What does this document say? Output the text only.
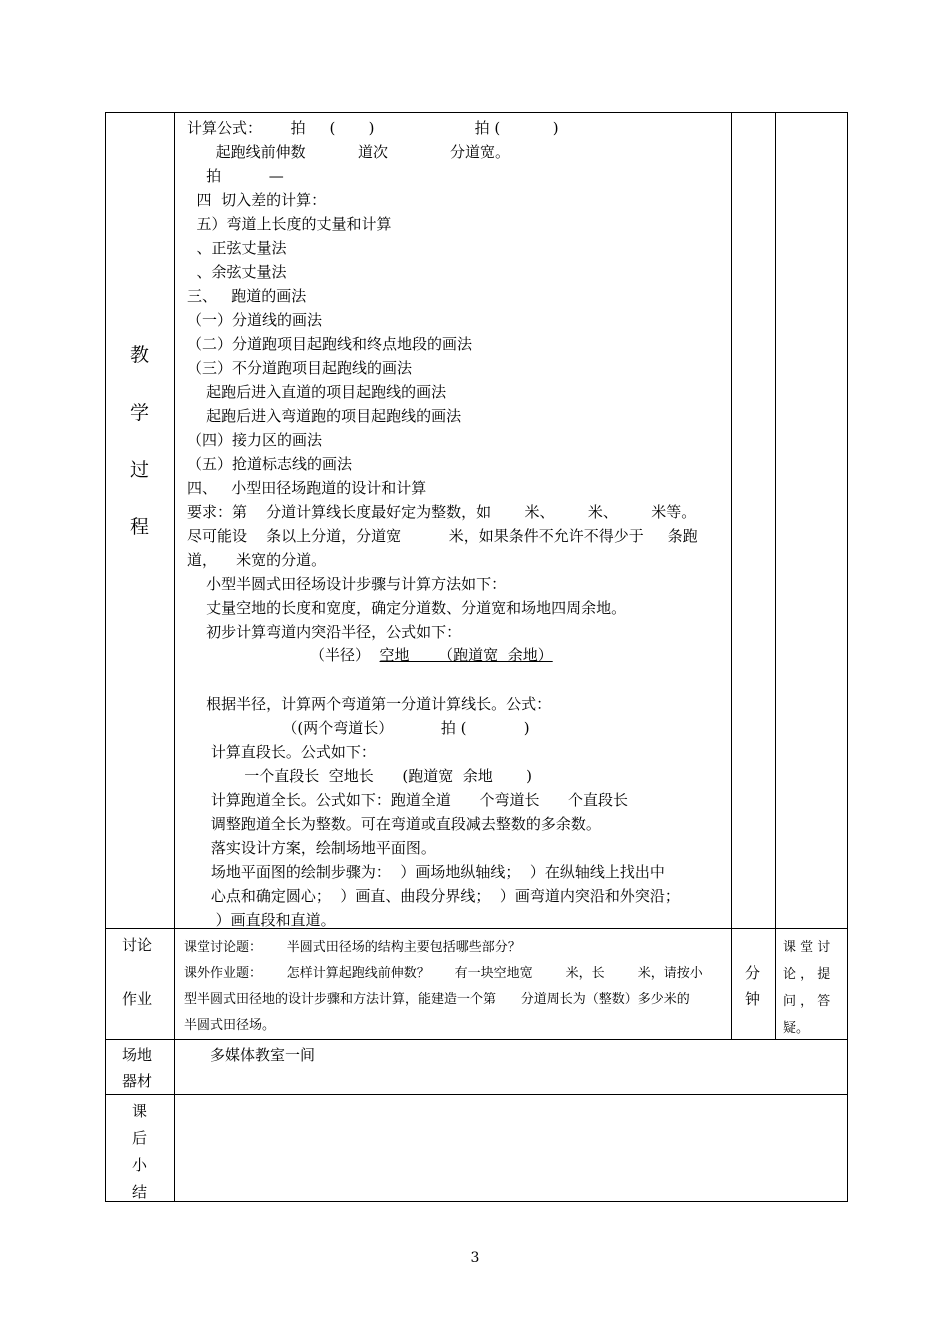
教
学
过
程
计算公式：      拍     (       )                     拍 (           )
起跑线前伸数           道次             分道宽。
拍          —
四  切入差的计算：
五）弯道上长度的丈量和计算
、正弦丈量法
、余弦丈量法
三、   跑道的画法
（一）分道线的画法
（二）分道跑项目起跑线和终点地段的画法
（三）不分道跑项目起跑线的画法
起跑后进入直道的项目起跑线的画法
起跑后进入弯道跑的项目起跑线的画法
（四）接力区的画法
（五）抢道标志线的画法
四、   小型田径场跑道的设计和计算
要求：第    分道计算线长度最好定为整数，如       米、       米、       米等。
尽可能设    条以上分道，分道宽          米，如果条件不允许不得少于     条跑
道，    米宽的分道。
小型半圆式田径场设计步骤与计算方法如下：
丈量空地的长度和宽度，确定分道数、分道宽和场地四周余地。
初步计算弯道内突沿半径，公式如下：
根据半径，计算两个弯道第一分道计算线长。公式：
（(两个弯道长）          拍 (            )
计算直段长。公式如下：
一个直段长  空地长      (跑道宽  余地       )
计算跑道全长。公式如下：跑道全道      个弯道长      个直段长
调整跑道全长为整数。可在弯道或直段减去整数的多余数。
落实设计方案，绘制场地平面图。
场地平面图的绘制步骤为：  ）画场地纵轴线；  ）在纵轴线上找出中
心点和确定圆心；  ）画直、曲段分界线；  ）画弯道内突沿和外突沿；
）画直段和直道。
（半径）  空地      （跑道宽  余地）
讨论
作业
课堂讨论题：      半圆式田径场的结构主要包括哪些部分？
课外作业题：      怎样计算起跑线前伸数？      有一块空地宽        米，长        米，请按小
型半圆式田径地的设计步骤和方法计算，能建造一个第      分道周长为（整数）多少米的
半圆式田径场。
分
钟
课 堂 讨
论 ， 提
问 ， 答
疑。
场地
器材
多媒体教室一间
课
后
小
结
3
